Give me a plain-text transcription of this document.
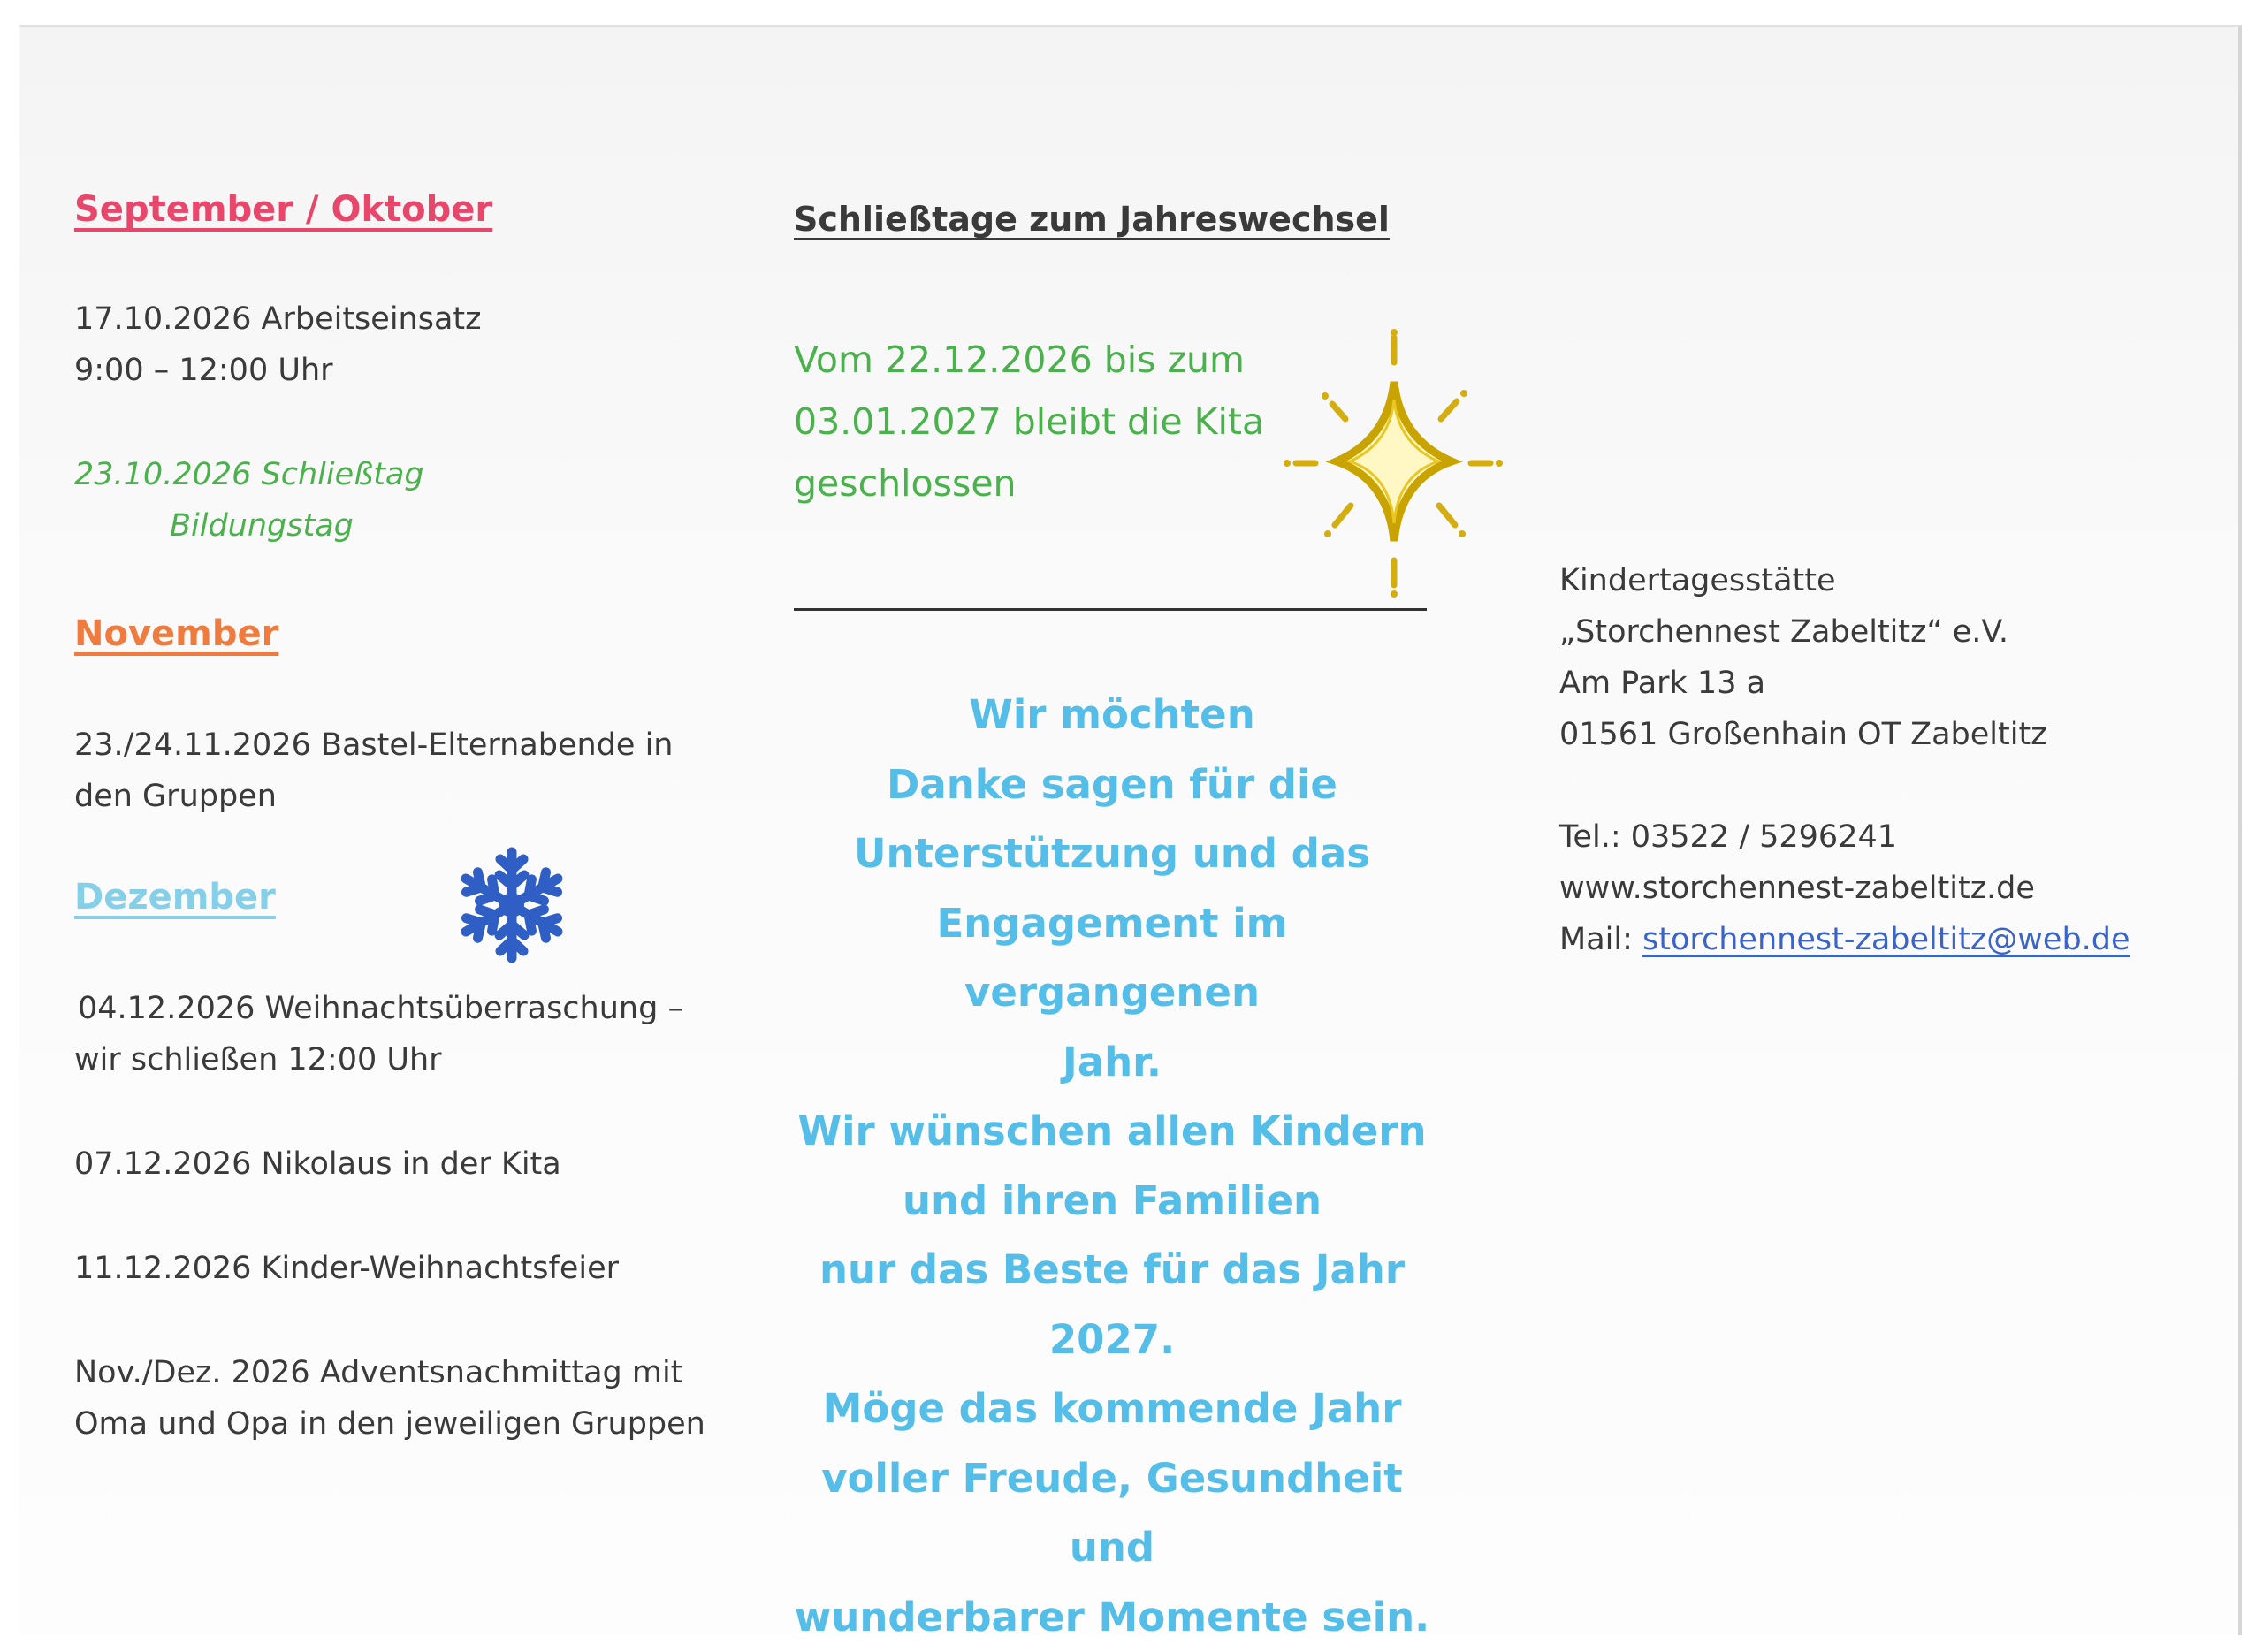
September / Oktober
17.10.2026 Arbeitseinsatz
9:00 – 12:00 Uhr
23.10.2026 Schließtag
Bildungstag
November
23./24.11.2026 Bastel-Elternabende in
den Gruppen
Dezember
04.12.2026 Weihnachtsüberraschung –
wir schließen 12:00 Uhr
07.12.2026 Nikolaus in der Kita
11.12.2026 Kinder-Weihnachtsfeier
Nov./Dez. 2026 Adventsnachmittag mit
Oma und Opa in den jeweiligen Gruppen
Schließtage zum Jahreswechsel
Vom 22.12.2026 bis zum
03.01.2027 bleibt die Kita
geschlossen
Wir möchten
Danke sagen für die
Unterstützung und das
Engagement im vergangenen
Jahr.
Wir wünschen allen Kindern
und ihren Familien
nur das Beste für das Jahr
2027.
Möge das kommende Jahr
voller Freude, Gesundheit und
wunderbarer Momente sein.
Kindertagesstätte
„Storchennest Zabeltitz“ e.V.
Am Park 13 a
01561 Großenhain OT Zabeltitz
Tel.: 03522 / 5296241
www.storchennest-zabeltitz.de
Mail: storchennest-zabeltitz@web.de
